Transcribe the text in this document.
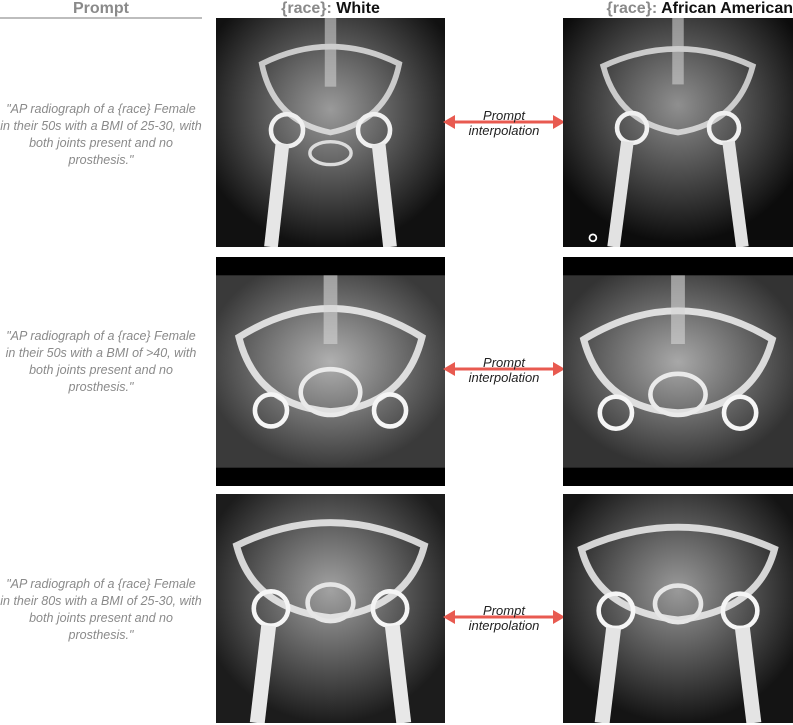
Prompt	{race}: White	{race}: African American
"AP radiograph of a {race} Female in their 50s with a BMI of 25-30, with both joints present and no prosthesis."
Prompt
interpolation
"AP radiograph of a {race} Female in their 50s with a BMI of >40, with both joints present and no prosthesis."
Prompt
interpolation
"AP radiograph of a {race} Female in their 80s with a BMI of 25-30, with both joints present and no prosthesis."
Prompt
interpolation
